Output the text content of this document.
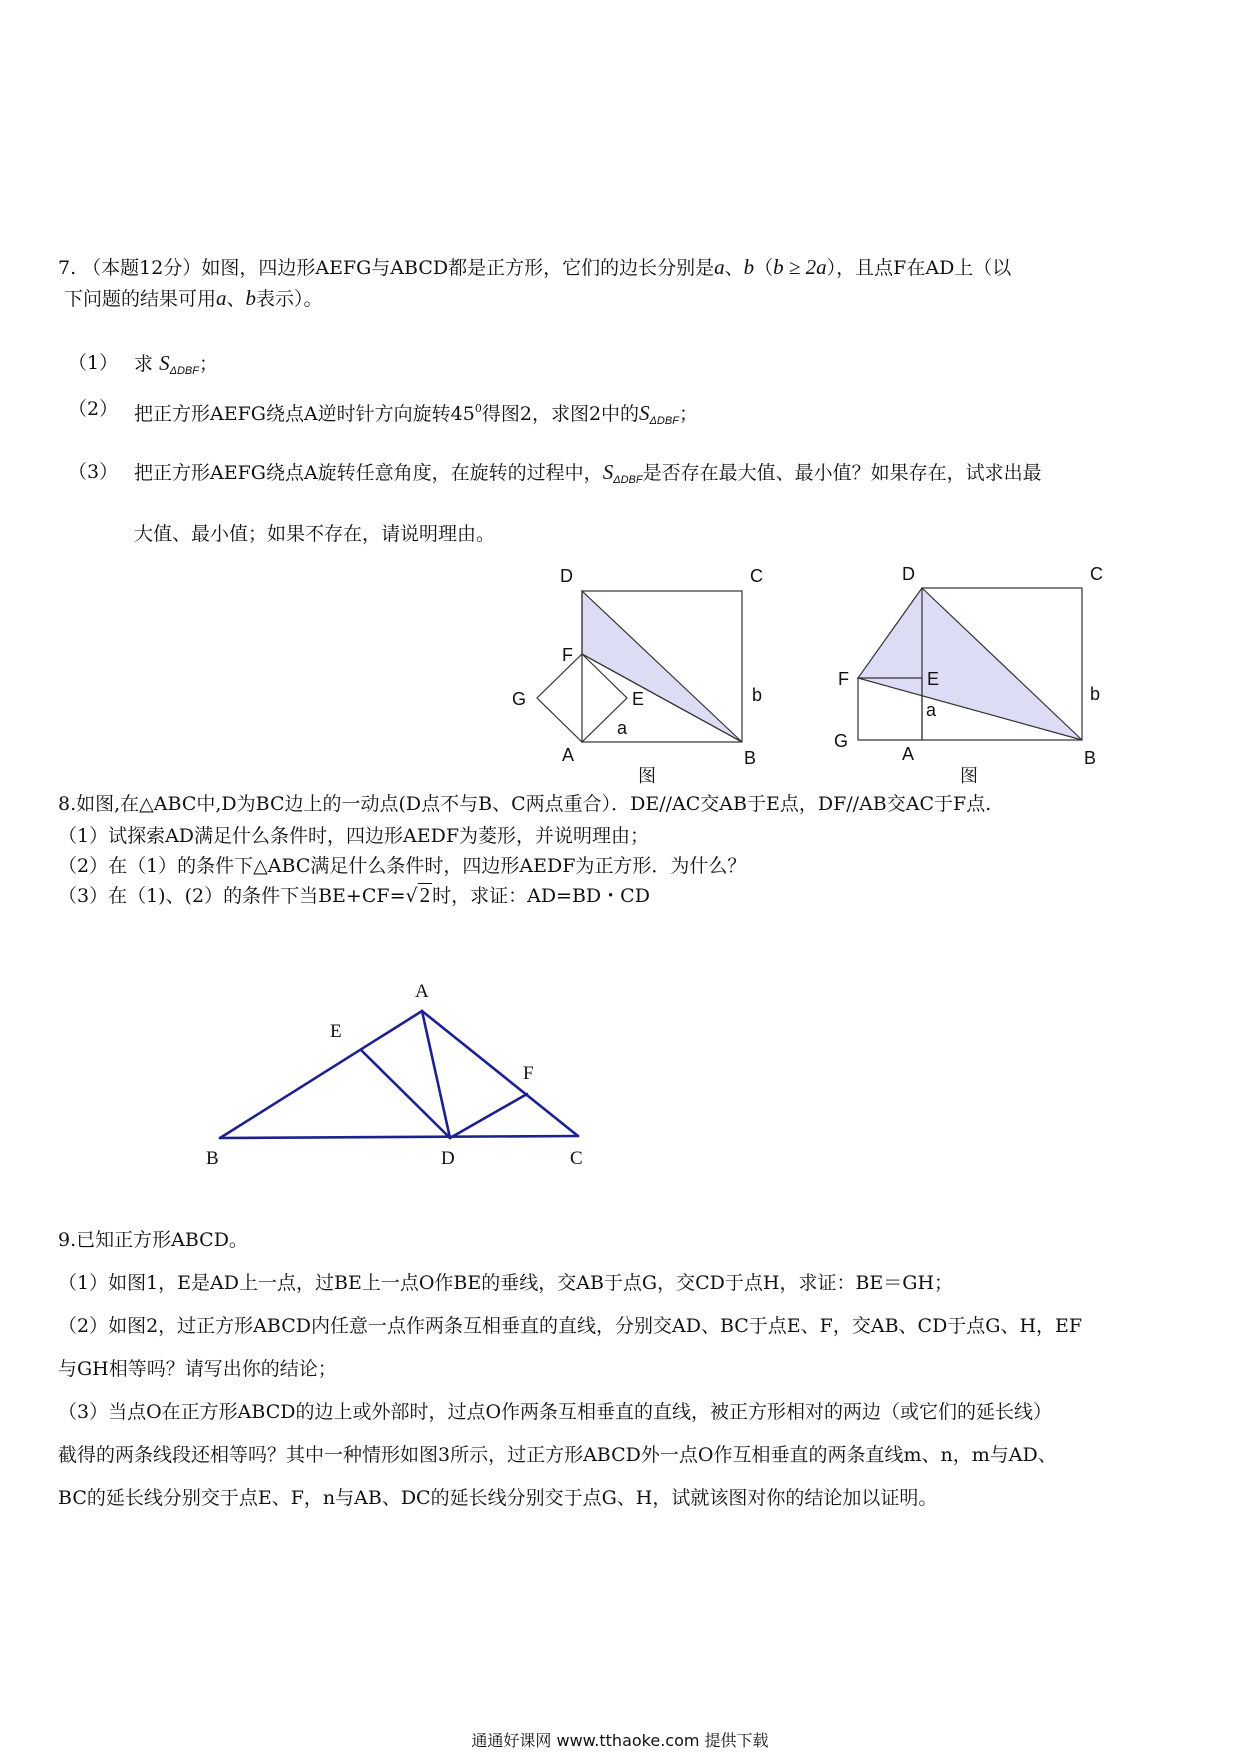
7. （本题12分）如图，四边形AEFG与ABCD都是正方形，它们的边长分别是a、b（b ≥ 2a），且点F在AD上（以
下问题的结果可用a、b表示）。
（1） 求 $S_{\Delta DBF}$；
（2） 把正方形AEFG绕点A逆时针方向旋转$45^0$得图2，求图2中的$S_{\Delta DBF}$；
（3） 把正方形AEFG绕点A旋转任意角度，在旋转的过程中，$S_{\Delta DBF}$是否存在最大值、最小值？如果存在，试求出最
大值、最小值；如果不存在，请说明理由。
D	C
F
G	E	b
a
A	B
图
D	C
F	E
a
b
G
A	B
图
A
E
F
B	D	C
8.如图,在△ABC中,D为BC边上的一动点(D点不与B、C两点重合）．DE//AC交AB于E点，DF//AB交AC于F点.
（1）试探索AD满足什么条件时，四边形AEDF为菱形，并说明理由；
（2）在（1）的条件下△ABC满足什么条件时，四边形AEDF为正方形．为什么？
（3）在（1)、(2）的条件下当BE+CF=√2 时，求证：AD=BD・CD
9.已知正方形ABCD。
（1）如图1，E是AD上一点，过BE上一点O作BE的垂线，交AB于点G，交CD于点H，求证：BE＝GH；
（2）如图2，过正方形ABCD内任意一点作两条互相垂直的直线，分别交AD、BC于点E、F，交AB、CD于点G、H，EF
与GH相等吗？请写出你的结论；
（3）当点O在正方形ABCD的边上或外部时，过点O作两条互相垂直的直线，被正方形相对的两边（或它们的延长线）
截得的两条线段还相等吗？其中一种情形如图3所示，过正方形ABCD外一点O作互相垂直的两条直线m、n，m与AD、
BC的延长线分别交于点E、F，n与AB、DC的延长线分别交于点G、H，试就该图对你的结论加以证明。
通通好课网 www.tthaoke.com 提供下载
